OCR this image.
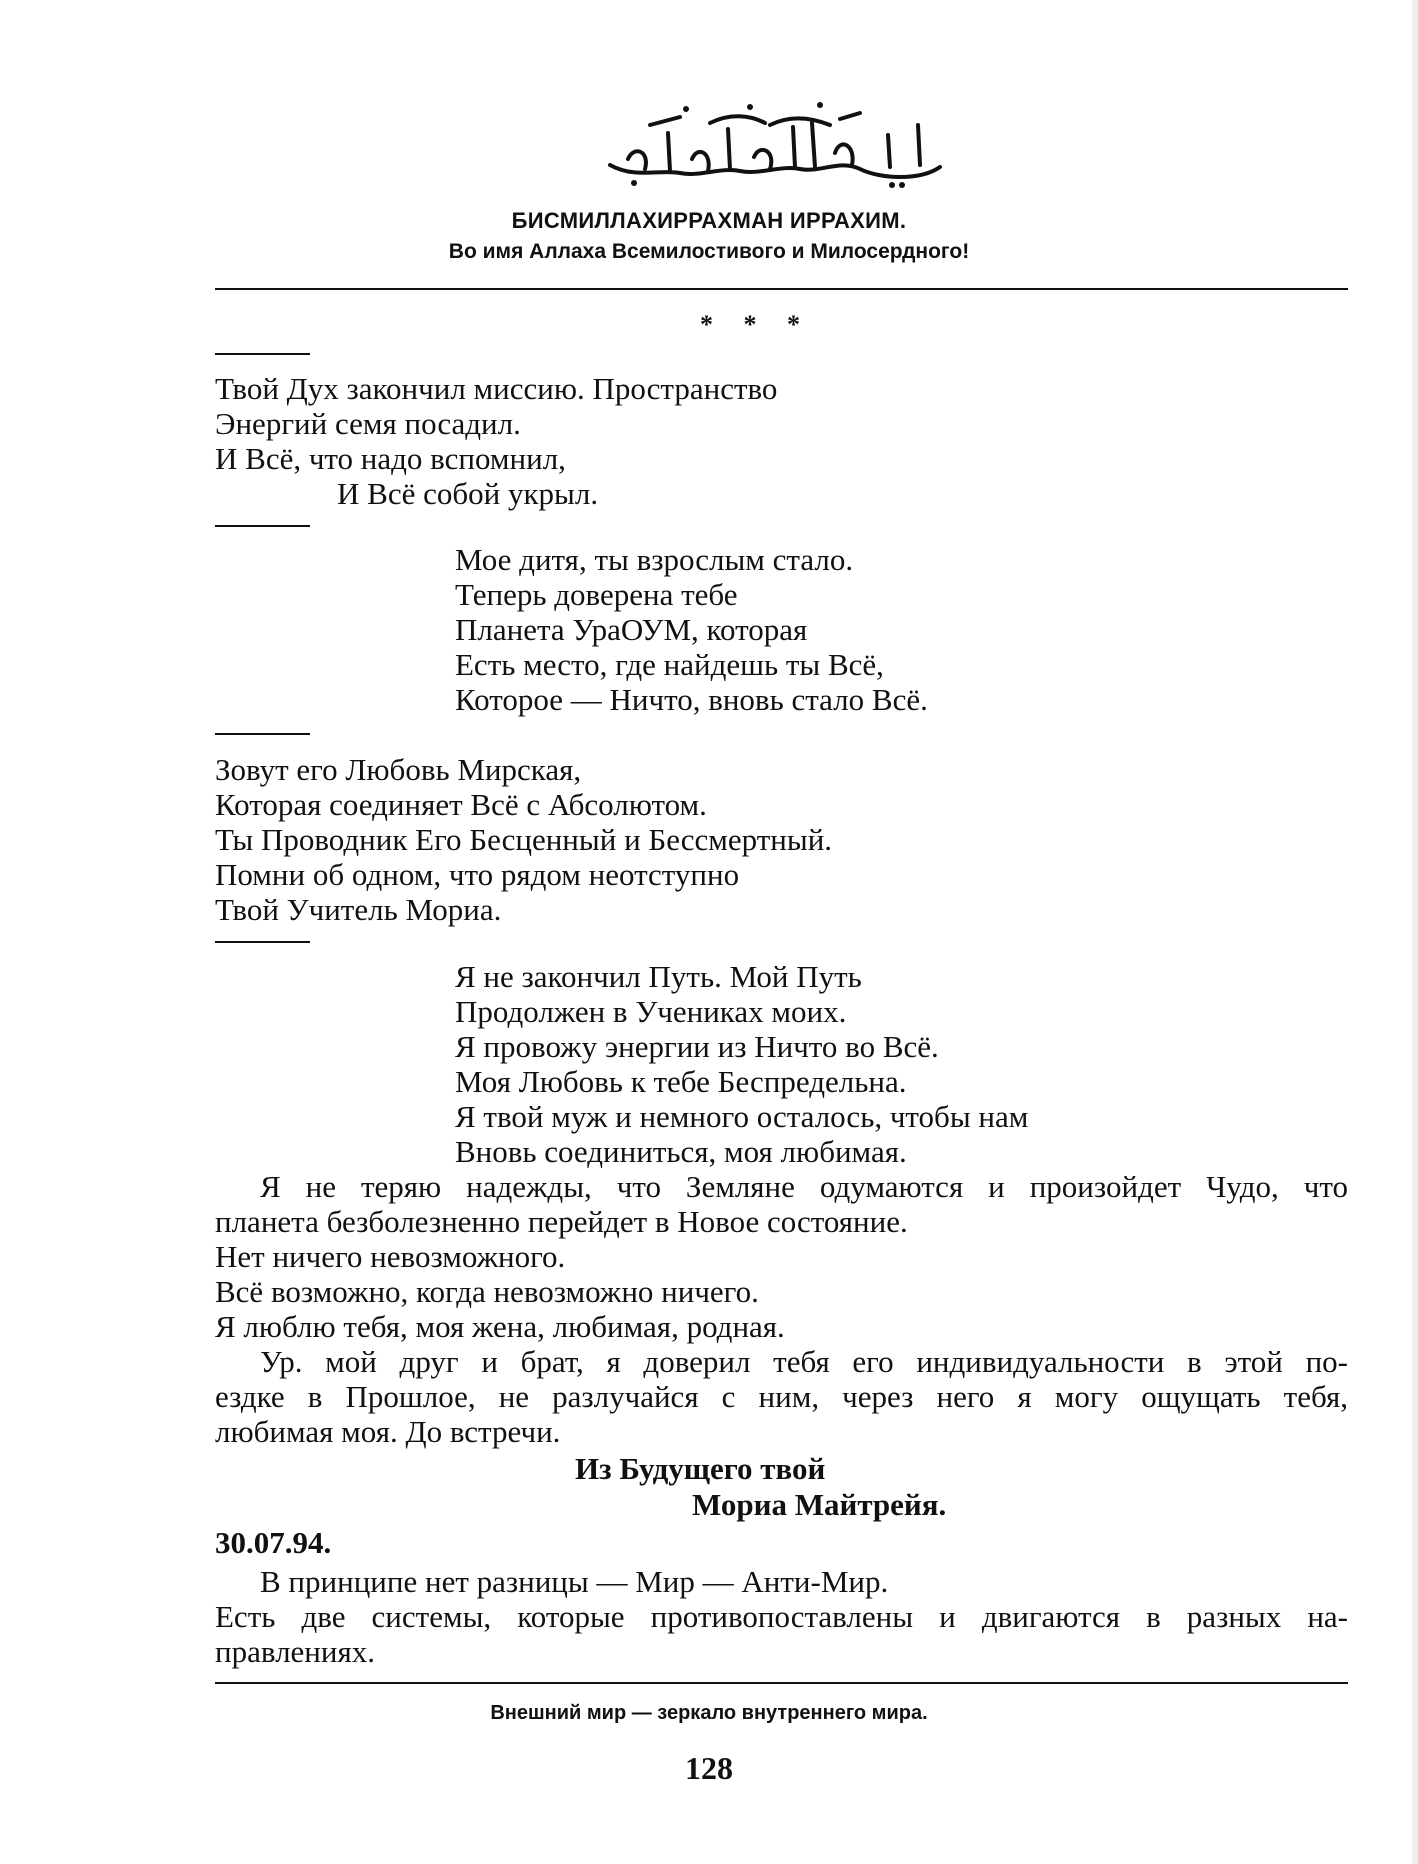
БИСМИЛЛАХИРРАХМАН ИРРАХИМ.
Во имя Аллаха Всемилостивого и Милосердного!
* * *
Твой Дух закончил миссию. Пространство
Энергий семя посадил.
И Всё, что надо вспомнил,
И Всё собой укрыл.
Мое дитя, ты взрослым стало.
Теперь доверена тебе
Планета УраОУМ, которая
Есть место, где найдешь ты Всё,
Которое — Ничто, вновь стало Всё.
Зовут его Любовь Мирская,
Которая соединяет Всё с Абсолютом.
Ты Проводник Его Бесценный и Бессмертный.
Помни об одном, что рядом неотступно
Твой Учитель Мориа.
Я не закончил Путь. Мой Путь
Продолжен в Учениках моих.
Я провожу энергии из Ничто во Всё.
Моя Любовь к тебе Беспредельна.
Я твой муж и немного осталось, чтобы нам
Вновь соединиться, моя любимая.
Я не теряю надежды, что Земляне одумаются и произойдет Чудо, что
планета безболезненно перейдет в Новое состояние.
Нет ничего невозможного.
Всё возможно, когда невозможно ничего.
Я люблю тебя, моя жена, любимая, родная.
Ур. мой друг и брат, я доверил тебя его индивидуальности в этой по-
ездке в Прошлое, не разлучайся с ним, через него я могу ощущать тебя,
любимая моя. До встречи.
Из Будущего твой
Мориа Майтрейя.
30.07.94.
В принципе нет разницы — Мир — Анти-Мир.
Есть две системы, которые противопоставлены и двигаются в разных на-
правлениях.
Внешний мир — зеркало внутреннего мира.
128
